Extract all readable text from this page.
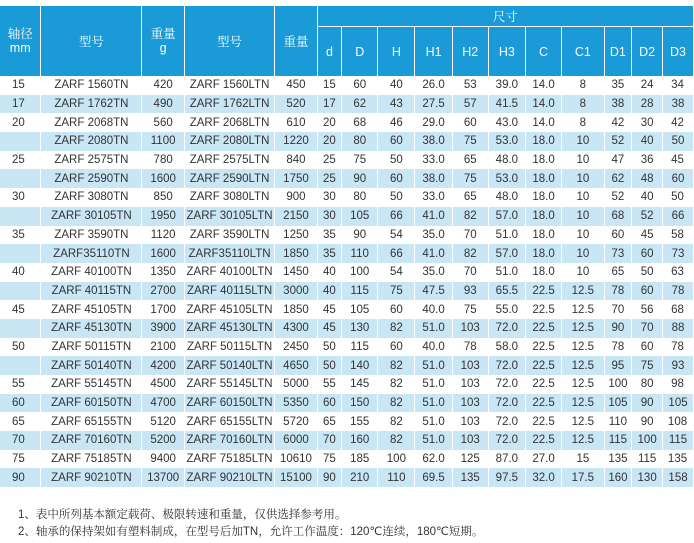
轴径
mm	型号	重量
g	型号	重量	尺寸										
					d	D	H	H1	H2	H3	C	C1	D1	D2	D3
15	ZARF 1560TN	420	ZARF 1560LTN	450	15	60	40	26.0	53	39.0	14.0	8	35	24	34
17	ZARF 1762TN	490	ZARF 1762LTN	520	17	62	43	27.5	57	41.5	14.0	8	38	28	38
20	ZARF 2068TN	560	ZARF 2068LTN	610	20	68	46	29.0	60	43.0	14.0	8	42	30	42
	ZARF 2080TN	1100	ZARF 2080LTN	1220	20	80	60	38.0	75	53.0	18.0	10	52	40	50
25	ZARF 2575TN	780	ZARF 2575LTN	840	25	75	50	33.0	65	48.0	18.0	10	47	36	45
	ZARF 2590TN	1600	ZARF 2590LTN	1750	25	90	60	38.0	75	53.0	18.0	10	62	48	60
30	ZARF 3080TN	850	ZARF 3080LTN	900	30	80	50	33.0	65	48.0	18.0	10	52	40	50
	ZARF 30105TN	1950	ZARF 30105LTN	2150	30	105	66	41.0	82	57.0	18.0	10	68	52	66
35	ZARF 3590TN	1120	ZARF 3590LTN	1250	35	90	54	35.0	70	51.0	18.0	10	60	45	58
	ZARF35110TN	1600	ZARF35110LTN	1850	35	110	66	41.0	82	57.0	18.0	10	73	60	73
40	ZARF 40100TN	1350	ZARF 40100LTN	1450	40	100	54	35.0	70	51.0	18.0	10	65	50	63
	ZARF 40115TN	2700	ZARF 40115LTN	3000	40	115	75	47.5	93	65.5	22.5	12.5	78	60	78
45	ZARF 45105TN	1700	ZARF 45105LTN	1850	45	105	60	40.0	75	55.0	22.5	12.5	70	56	68
	ZARF 45130TN	3900	ZARF 45130LTN	4300	45	130	82	51.0	103	72.0	22.5	12.5	90	70	88
50	ZARF 50115TN	2100	ZARF 50115LTN	2450	50	115	60	40.0	78	58.0	22.5	12.5	78	60	78
	ZARF 50140TN	4200	ZARF 50140LTN	4650	50	140	82	51.0	103	72.0	22.5	12.5	95	75	93
55	ZARF 55145TN	4500	ZARF 55145LTN	5000	55	145	82	51.0	103	72.0	22.5	12.5	100	80	98
60	ZARF 60150TN	4700	ZARF 60150LTN	5350	60	150	82	51.0	103	72.0	22.5	12.5	105	90	105
65	ZARF 65155TN	5120	ZARF 65155LTN	5720	65	155	82	51.0	103	72.0	22.5	12.5	110	90	108
70	ZARF 70160TN	5200	ZARF 70160LTN	6000	70	160	82	51.0	103	72.0	22.5	12.5	115	100	115
75	ZARF 75185TN	9400	ZARF 75185LTN	10610	75	185	100	62.0	125	87.0	27.0	15	135	115	135
90	ZARF 90210TN	13700	ZARF 90210LTN	15100	90	210	110	69.5	135	97.5	32.0	17.5	160	130	158
1、表中所列基本额定载荷、极限转速和重量，仅供选择参考用。
2、轴承的保持架如有塑料制成，在型号后加TN，允许工作温度：120℃连续，180℃短期。
